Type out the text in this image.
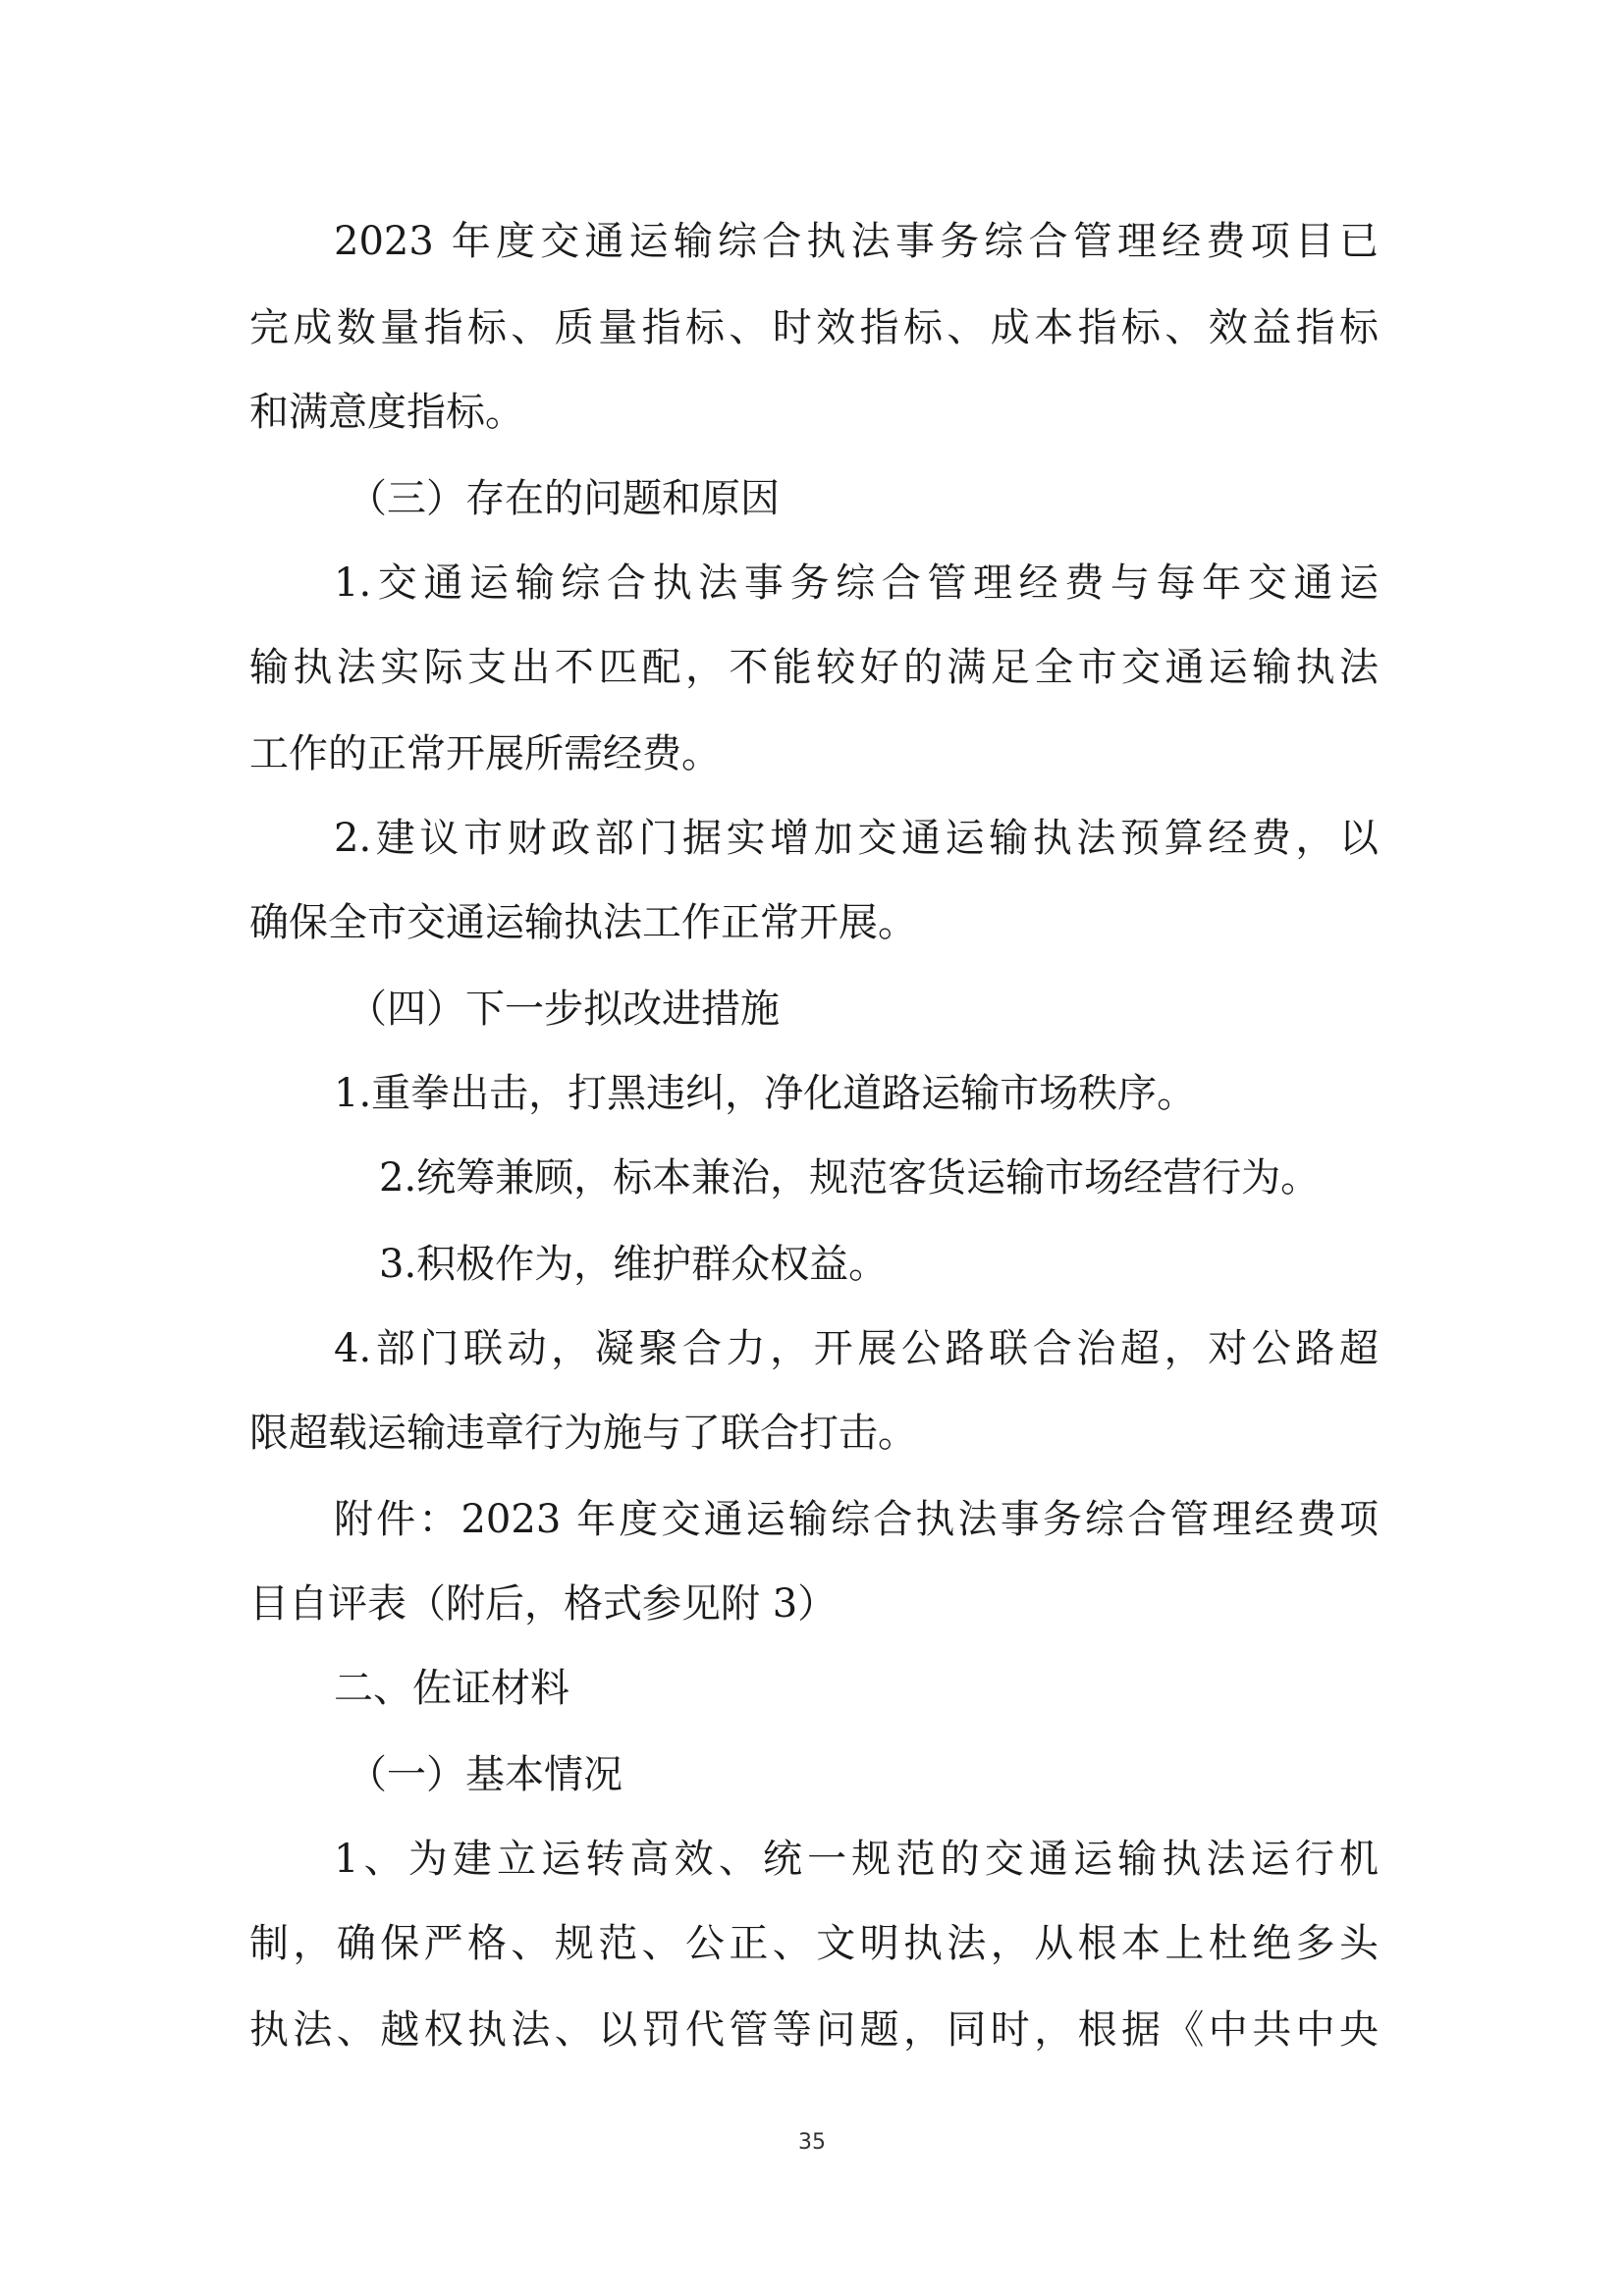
2023 年度交通运输综合执法事务综合管理经费项目已
完成数量指标、质量指标、时效指标、成本指标、效益指标
和满意度指标。
（三）存在的问题和原因
1.交通运输综合执法事务综合管理经费与每年交通运
输执法实际支出不匹配，不能较好的满足全市交通运输执法
工作的正常开展所需经费。
2.建议市财政部门据实增加交通运输执法预算经费，以
确保全市交通运输执法工作正常开展。
（四）下一步拟改进措施
1.重拳出击，打黑违纠，净化道路运输市场秩序。
2.统筹兼顾，标本兼治，规范客货运输市场经营行为。
3.积极作为，维护群众权益。
4.部门联动，凝聚合力，开展公路联合治超，对公路超
限超载运输违章行为施与了联合打击。
附件：2023 年度交通运输综合执法事务综合管理经费项
目自评表（附后，格式参见附 3）
二、佐证材料
（一）基本情况
1、为建立运转高效、统一规范的交通运输执法运行机
制，确保严格、规范、公正、文明执法，从根本上杜绝多头
执法、越权执法、以罚代管等问题，同时，根据《中共中央
35
